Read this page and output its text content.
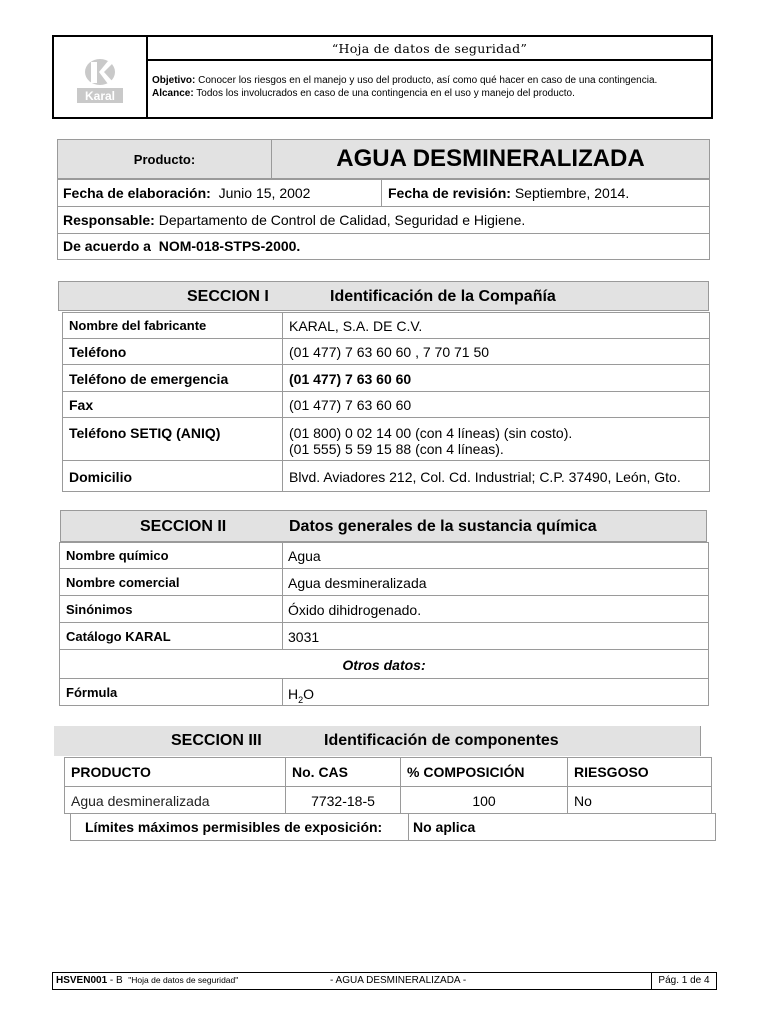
Karal
“Hoja de datos de seguridad”
Objetivo: Conocer los riesgos en el manejo y uso del producto, así como qué hacer en caso de una contingencia.
Alcance: Todos los involucrados en caso de una contingencia en el uso y manejo del producto.
Producto:	AGUA DESMINERALIZADA
Fecha de elaboración: Junio 15, 2002	Fecha de revisión: Septiembre, 2014.
Responsable: Departamento de Control de Calidad, Seguridad e Higiene.
De acuerdo a NOM-018-STPS-2000.
SECCION I	Identificación de la Compañía
Nombre del fabricante	KARAL, S.A. DE C.V.
Teléfono	(01 477) 7 63 60 60 , 7 70 71 50
Teléfono de emergencia	(01 477) 7 63 60 60
Fax	(01 477) 7 63 60 60
Teléfono SETIQ (ANIQ)	(01 800) 0 02 14 00 (con 4 líneas) (sin costo).
(01 555) 5 59 15 88 (con 4 líneas).
Domicilio	Blvd. Aviadores 212, Col. Cd. Industrial; C.P. 37490, León, Gto.
SECCION II	Datos generales de la sustancia química
Nombre químico	Agua
Nombre comercial	Agua desmineralizada
Sinónimos	Óxido dihidrogenado.
Catálogo KARAL	3031
Otros datos:
Fórmula	$H_2O$
SECCION III	Identificación de componentes
PRODUCTO	No. CAS	% COMPOSICIÓN	RIESGOSO
Agua desmineralizada	7732-18-5	100	No
Límites máximos permisibles de exposición: No aplica
HSVEN001 - B "Hoja de datos de seguridad"	- AGUA DESMINERALIZADA -	Pág. 1 de 4
